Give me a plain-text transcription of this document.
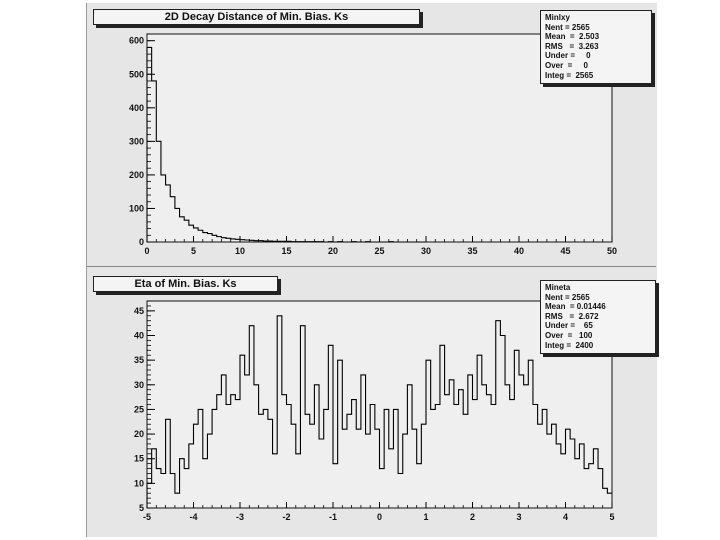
0	5	10	15	20	25	30	35	40	45	50
0
100
200
300
400
500
600
-5	-4	-3	-2	-1	0	1	2	3	4	5
5
10
15
20
25
30
35
40
45
2D Decay Distance of Min. Bias. Ks	Minlxy
Nent = 2565
Mean  =  2.503
RMS   =  3.263
Under =     0
Over  =     0
Integ =  2565
Eta of Min. Bias. Ks	Mineta
Nent = 2565
Mean  = 0.01446
RMS   =  2.672
Under =    65
Over  =   100
Integ =  2400
